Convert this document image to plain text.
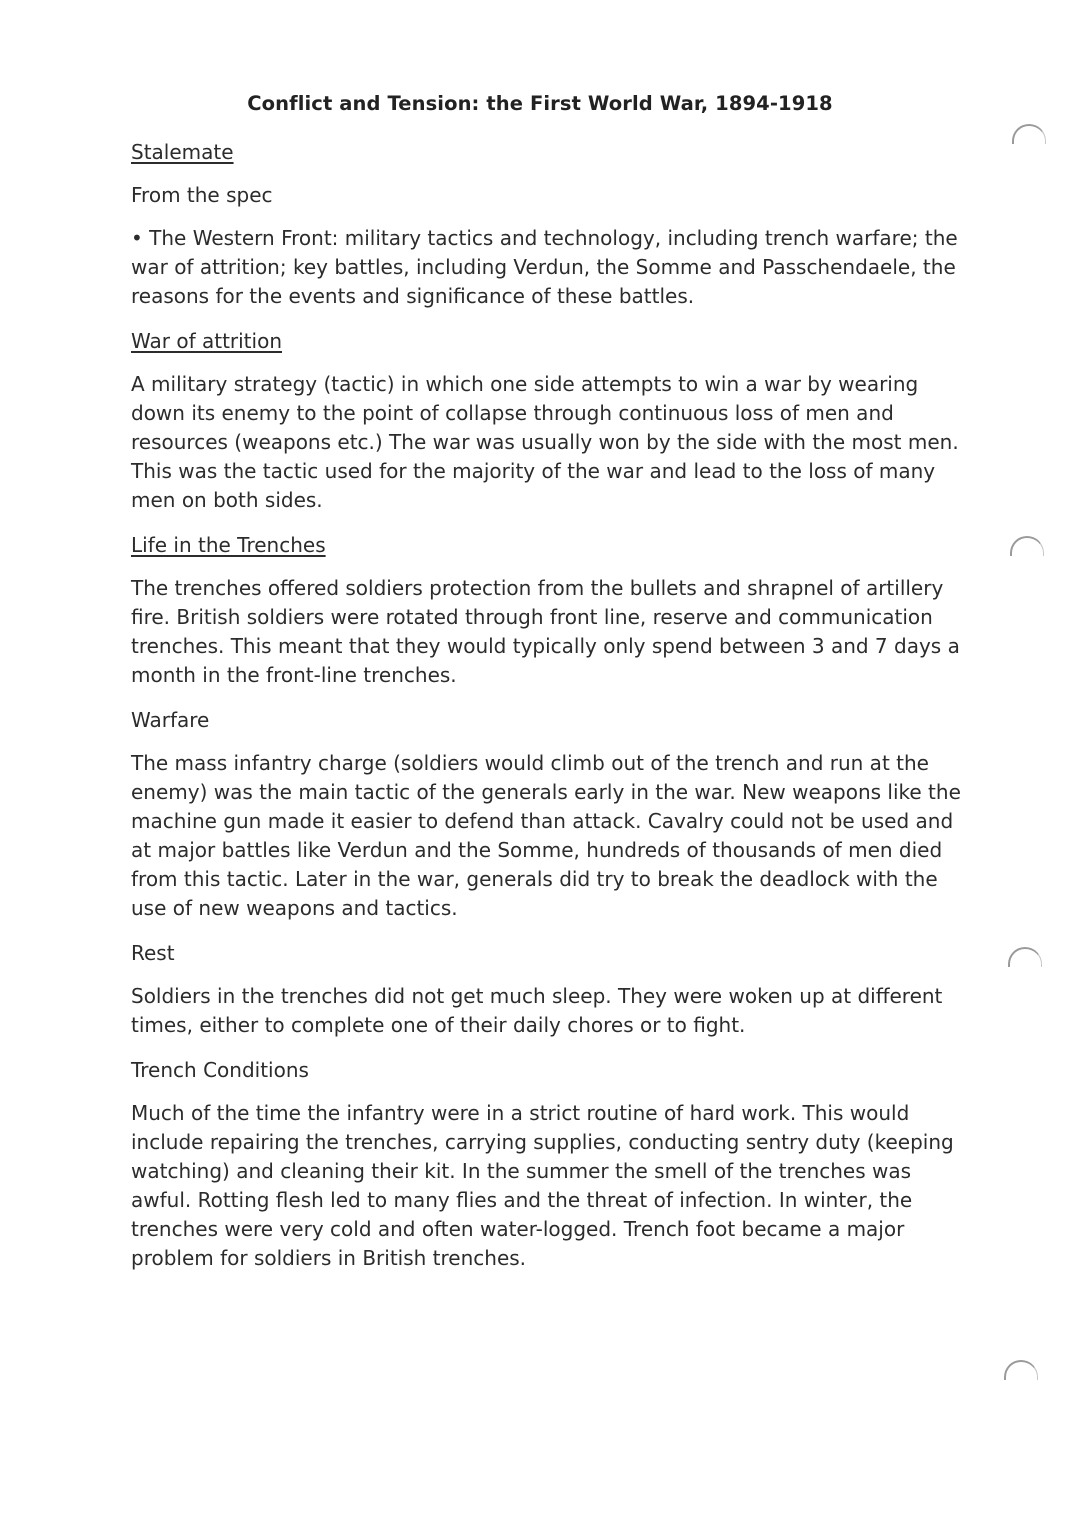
Conflict and Tension: the First World War, 1894-1918

Stalemate

From the spec

• The Western Front: military tactics and technology, including trench warfare; the war of attrition; key battles, including Verdun, the Somme and Passchendaele, the reasons for the events and significance of these battles.

War of attrition

A military strategy (tactic) in which one side attempts to win a war by wearing down its enemy to the point of collapse through continuous loss of men and resources (weapons etc.) The war was usually won by the side with the most men. This was the tactic used for the majority of the war and lead to the loss of many men on both sides.

Life in the Trenches

The trenches offered soldiers protection from the bullets and shrapnel of artillery fire. British soldiers were rotated through front line, reserve and communication trenches. This meant that they would typically only spend between 3 and 7 days a month in the front-line trenches.

Warfare

The mass infantry charge (soldiers would climb out of the trench and run at the enemy) was the main tactic of the generals early in the war. New weapons like the machine gun made it easier to defend than attack. Cavalry could not be used and at major battles like Verdun and the Somme, hundreds of thousands of men died from this tactic. Later in the war, generals did try to break the deadlock with the use of new weapons and tactics.

Rest

Soldiers in the trenches did not get much sleep. They were woken up at different times, either to complete one of their daily chores or to fight.

Trench Conditions

Much of the time the infantry were in a strict routine of hard work. This would include repairing the trenches, carrying supplies, conducting sentry duty (keeping watching) and cleaning their kit. In the summer the smell of the trenches was awful. Rotting flesh led to many flies and the threat of infection. In winter, the trenches were very cold and often water-logged. Trench foot became a major problem for soldiers in British trenches.
